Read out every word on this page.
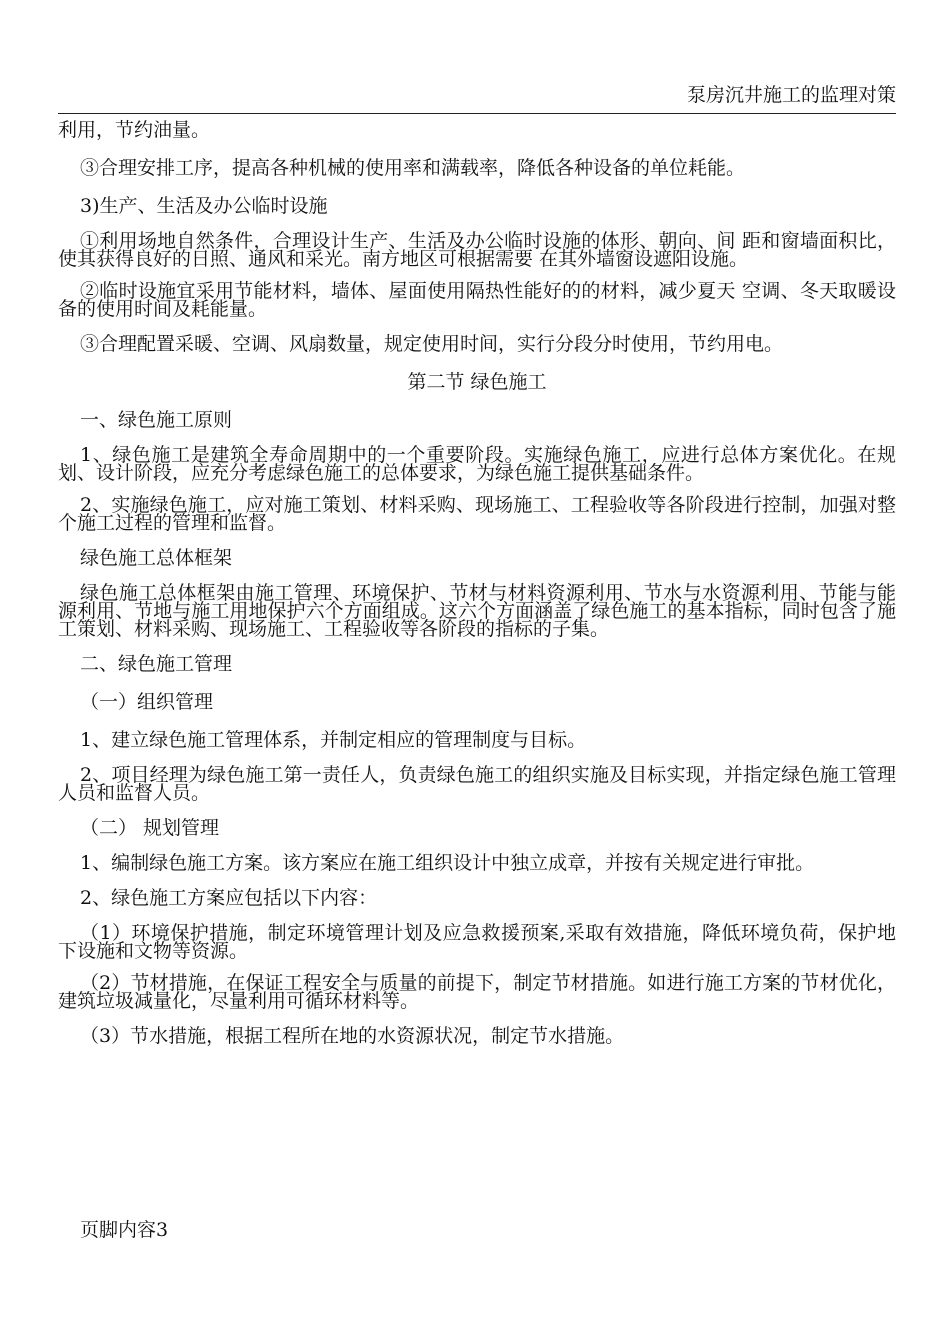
泵房沉井施工的监理对策

利用，节约油量。

③合理安排工序，提高各种机械的使用率和满载率，降低各种设备的单位耗能。

3)生产、生活及办公临时设施

①利用场地自然条件，合理设计生产、生活及办公临时设施的体形、朝向、间 距和窗墙面积比，使其获得良好的日照、通风和采光。南方地区可根据需要 在其外墙窗设遮阳设施。

②临时设施宜采用节能材料，墙体、屋面使用隔热性能好的的材料，减少夏天 空调、冬天取暖设备的使用时间及耗能量。

③合理配置采暖、空调、风扇数量，规定使用时间，实行分段分时使用，节约用电。

第二节 绿色施工

一、绿色施工原则

1、绿色施工是建筑全寿命周期中的一个重要阶段。实施绿色施工，应进行总体方案优化。在规划、设计阶段，应充分考虑绿色施工的总体要求，为绿色施工提供基础条件。

2、实施绿色施工，应对施工策划、材料采购、现场施工、工程验收等各阶段进行控制，加强对整个施工过程的管理和监督。

绿色施工总体框架

绿色施工总体框架由施工管理、环境保护、节材与材料资源利用、节水与水资源利用、节能与能源利用、节地与施工用地保护六个方面组成。这六个方面涵盖了绿色施工的基本指标，同时包含了施工策划、材料采购、现场施工、工程验收等各阶段的指标的子集。

二、绿色施工管理

（一）组织管理

1、建立绿色施工管理体系，并制定相应的管理制度与目标。

2、项目经理为绿色施工第一责任人，负责绿色施工的组织实施及目标实现，并指定绿色施工管理人员和监督人员。

（二） 规划管理

1、编制绿色施工方案。该方案应在施工组织设计中独立成章，并按有关规定进行审批。

2、绿色施工方案应包括以下内容：

（1）环境保护措施，制定环境管理计划及应急救援预案,采取有效措施，降低环境负荷，保护地下设施和文物等资源。

（2）节材措施，在保证工程安全与质量的前提下，制定节材措施。如进行施工方案的节材优化，建筑垃圾减量化，尽量利用可循环材料等。

（3）节水措施，根据工程所在地的水资源状况，制定节水措施。

页脚内容3
